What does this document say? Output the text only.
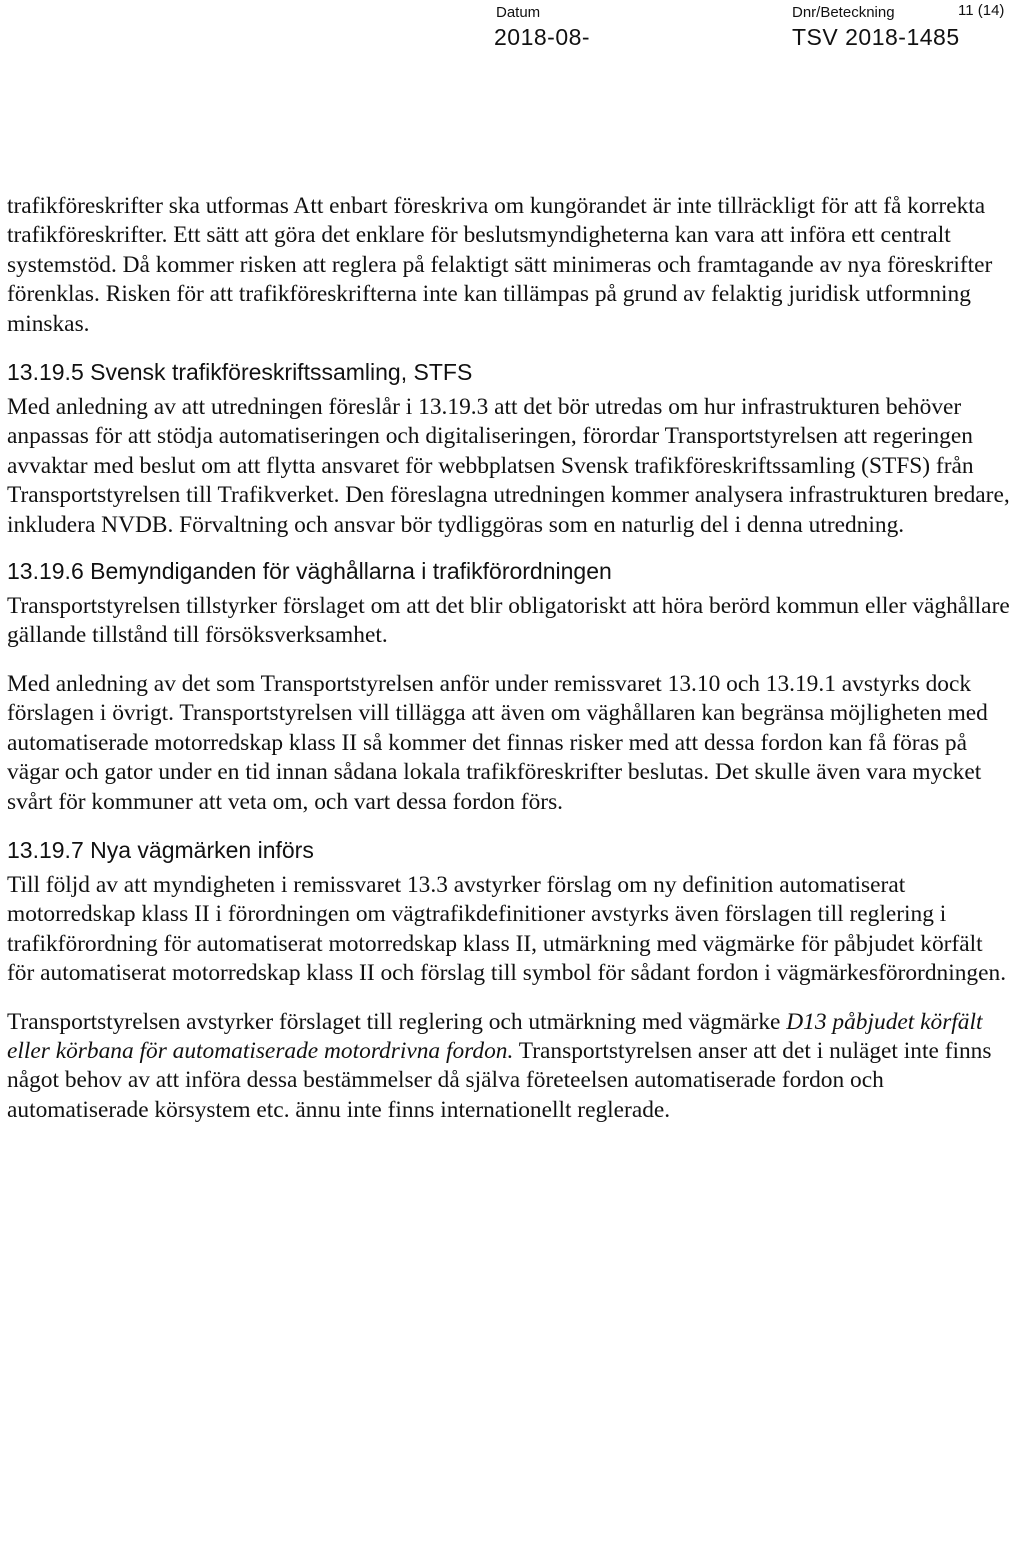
Datum
2018-08-
Dnr/Beteckning
TSV 2018-1485
11 (14)

trafikföreskrifter ska utformas Att enbart föreskriva om kungörandet är inte tillräckligt för att få korrekta trafikföreskrifter. Ett sätt att göra det enklare för beslutsmyndigheterna kan vara att införa ett centralt systemstöd. Då kommer risken att reglera på felaktigt sätt minimeras och framtagande av nya föreskrifter förenklas. Risken för att trafikföreskrifterna inte kan tillämpas på grund av felaktig juridisk utformning minskas.

13.19.5 Svensk trafikföreskriftssamling, STFS

Med anledning av att utredningen föreslår i 13.19.3 att det bör utredas om hur infrastrukturen behöver anpassas för att stödja automatiseringen och digitaliseringen, förordar Transportstyrelsen att regeringen avvaktar med beslut om att flytta ansvaret för webbplatsen Svensk trafikföreskriftssamling (STFS) från Transportstyrelsen till Trafikverket. Den föreslagna utredningen kommer analysera infrastrukturen bredare, inkludera NVDB. Förvaltning och ansvar bör tydliggöras som en naturlig del i denna utredning.

13.19.6 Bemyndiganden för väghållarna i trafikförordningen

Transportstyrelsen tillstyrker förslaget om att det blir obligatoriskt att höra berörd kommun eller väghållare gällande tillstånd till försöksverksamhet.

Med anledning av det som Transportstyrelsen anför under remissvaret 13.10 och 13.19.1 avstyrks dock förslagen i övrigt. Transportstyrelsen vill tillägga att även om väghållaren kan begränsa möjligheten med automatiserade motorredskap klass II så kommer det finnas risker med att dessa fordon kan få föras på vägar och gator under en tid innan sådana lokala trafikföreskrifter beslutas. Det skulle även vara mycket svårt för kommuner att veta om, och vart dessa fordon förs.

13.19.7 Nya vägmärken införs

Till följd av att myndigheten i remissvaret 13.3 avstyrker förslag om ny definition automatiserat motorredskap klass II i förordningen om vägtrafikdefinitioner avstyrks även förslagen till reglering i trafikförordning för automatiserat motorredskap klass II, utmärkning med vägmärke för påbjudet körfält för automatiserat motorredskap klass II och förslag till symbol för sådant fordon i vägmärkesförordningen.

Transportstyrelsen avstyrker förslaget till reglering och utmärkning med vägmärke D13 påbjudet körfält eller körbana för automatiserade motordrivna fordon. Transportstyrelsen anser att det i nuläget inte finns något behov av att införa dessa bestämmelser då själva företeelsen automatiserade fordon och automatiserade körsystem etc. ännu inte finns internationellt reglerade.
